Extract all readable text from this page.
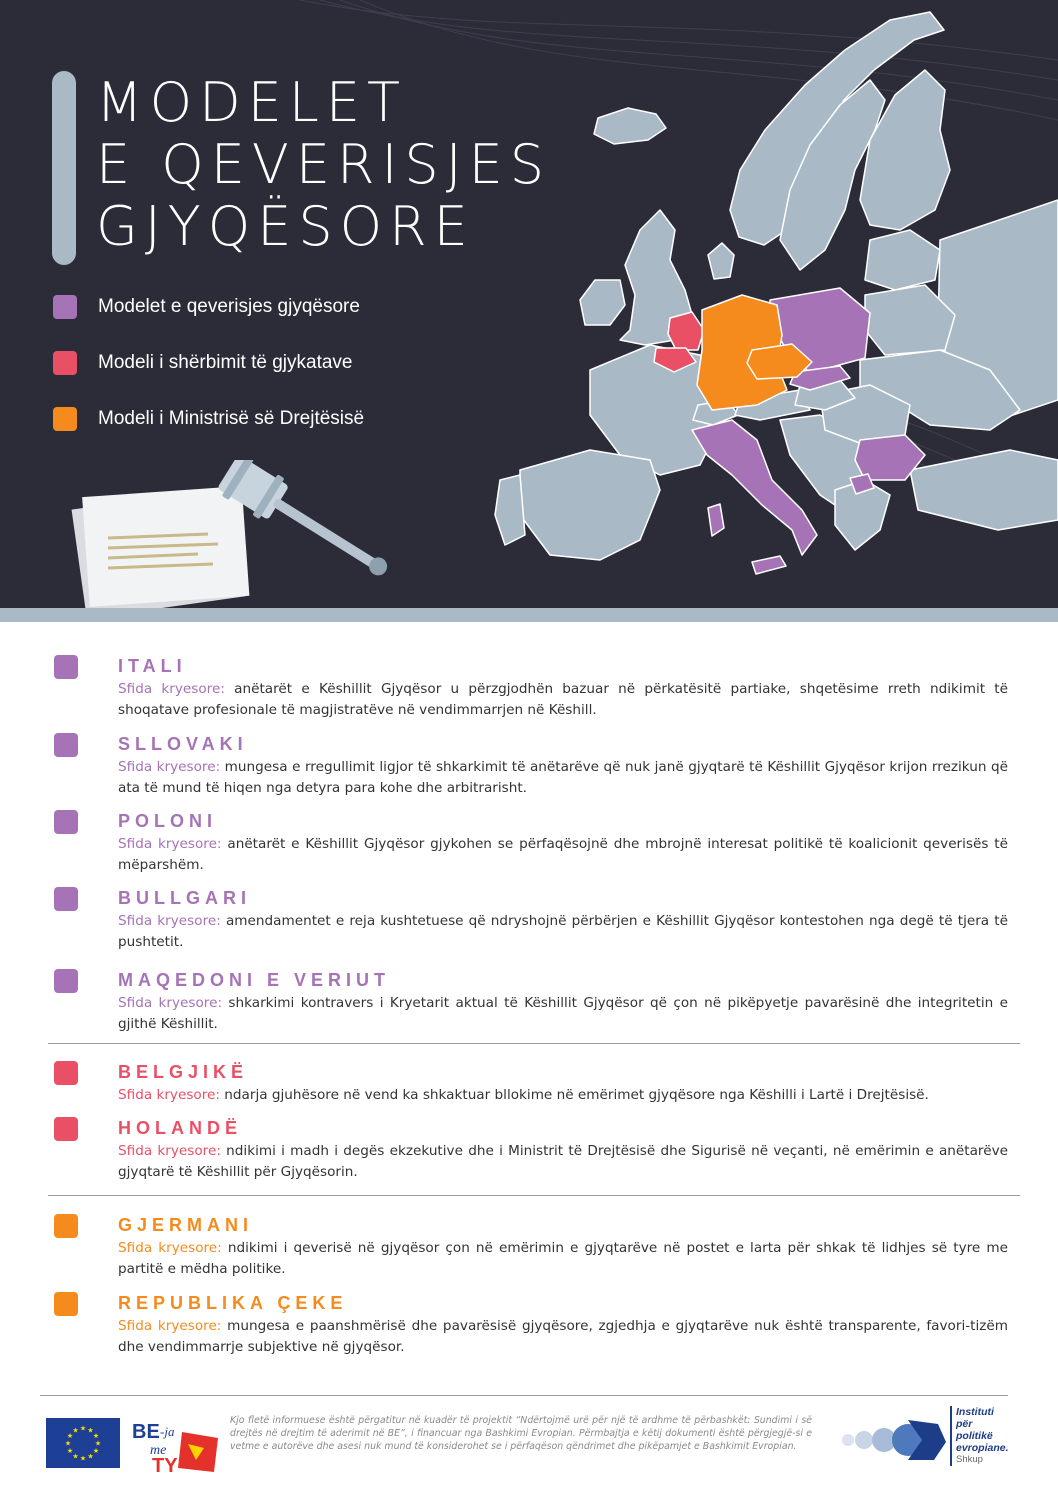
MODELET
E QEVERISJES
GJYQËSORE
Modelet e qeverisjes gjyqësore
Modeli i shërbimit të gjykatave
Modeli i Ministrisë së Drejtësisë
ITALI
Sfida kryesore: anëtarët e Këshillit Gjyqësor u përzgjodhën bazuar në përkatësitë partiake, shqetësime rreth ndikimit të shoqatave profesionale të magjistratëve në vendimmarrjen në Këshill.
SLLOVAKI
Sfida kryesore: mungesa e rregullimit ligjor të shkarkimit të anëtarëve që nuk janë gjyqtarë të Këshillit Gjyqësor krijon rrezikun që ata të mund të hiqen nga detyra para kohe dhe arbitrarisht.
POLONI
Sfida kryesore: anëtarët e Këshillit Gjyqësor gjykohen se përfaqësojnë dhe mbrojnë interesat politikë të koalicionit qeverisës të mëparshëm.
BULLGARI
Sfida kryesore: amendamentet e reja kushtetuese që ndryshojnë përbërjen e Këshillit Gjyqësor kontestohen nga degë të tjera të pushtetit.
MAQEDONI E VERIUT
Sfida kryesore: shkarkimi kontravers i Kryetarit aktual të Këshillit Gjyqësor që çon në pikëpyetje pavarësinë dhe integritetin e gjithë Këshillit.
BELGJIKË
Sfida kryesore: ndarja gjuhësore në vend ka shkaktuar bllokime në emërimet gjyqësore nga Këshilli i Lartë i Drejtësisë.
HOLANDË
Sfida kryesore: ndikimi i madh i degës ekzekutive dhe i Ministrit të Drejtësisë dhe Sigurisë në veçanti, në emërimin e anëtarëve gjyqtarë të Këshillit për Gjyqësorin.
GJERMANI
Sfida kryesore: ndikimi i qeverisë në gjyqësor çon në emërimin e gjyqtarëve në postet e larta për shkak të lidhjes së tyre me partitë e mëdha politike.
REPUBLIKA ÇEKE
Sfida kryesore: mungesa e paanshmërisë dhe pavarësisë gjyqësore, zgjedhja e gjyqtarëve nuk është transparente, favori-tizëm dhe vendimmarrje subjektive në gjyqësor.
★
★
★
★
★
★
★
★
★ ★ ★
★ BE -ja
me
TY
Kjo fletë informuese është përgatitur në kuadër të projektit “Ndërtojmë urë për një të ardhme të përbashkët: Sundimi i së drejtës në drejtim të aderimit në BE”, i financuar nga Bashkimi Evropian. Përmbajtja e këtij dokumenti është përgjegjë-si e vetme e autorëve dhe asesi nuk mund të konsiderohet se i përfaqëson qëndrimet dhe pikëpamjet e Bashkimit Evropian.
Instituti
për
politikë
evropiane.
Shkup
